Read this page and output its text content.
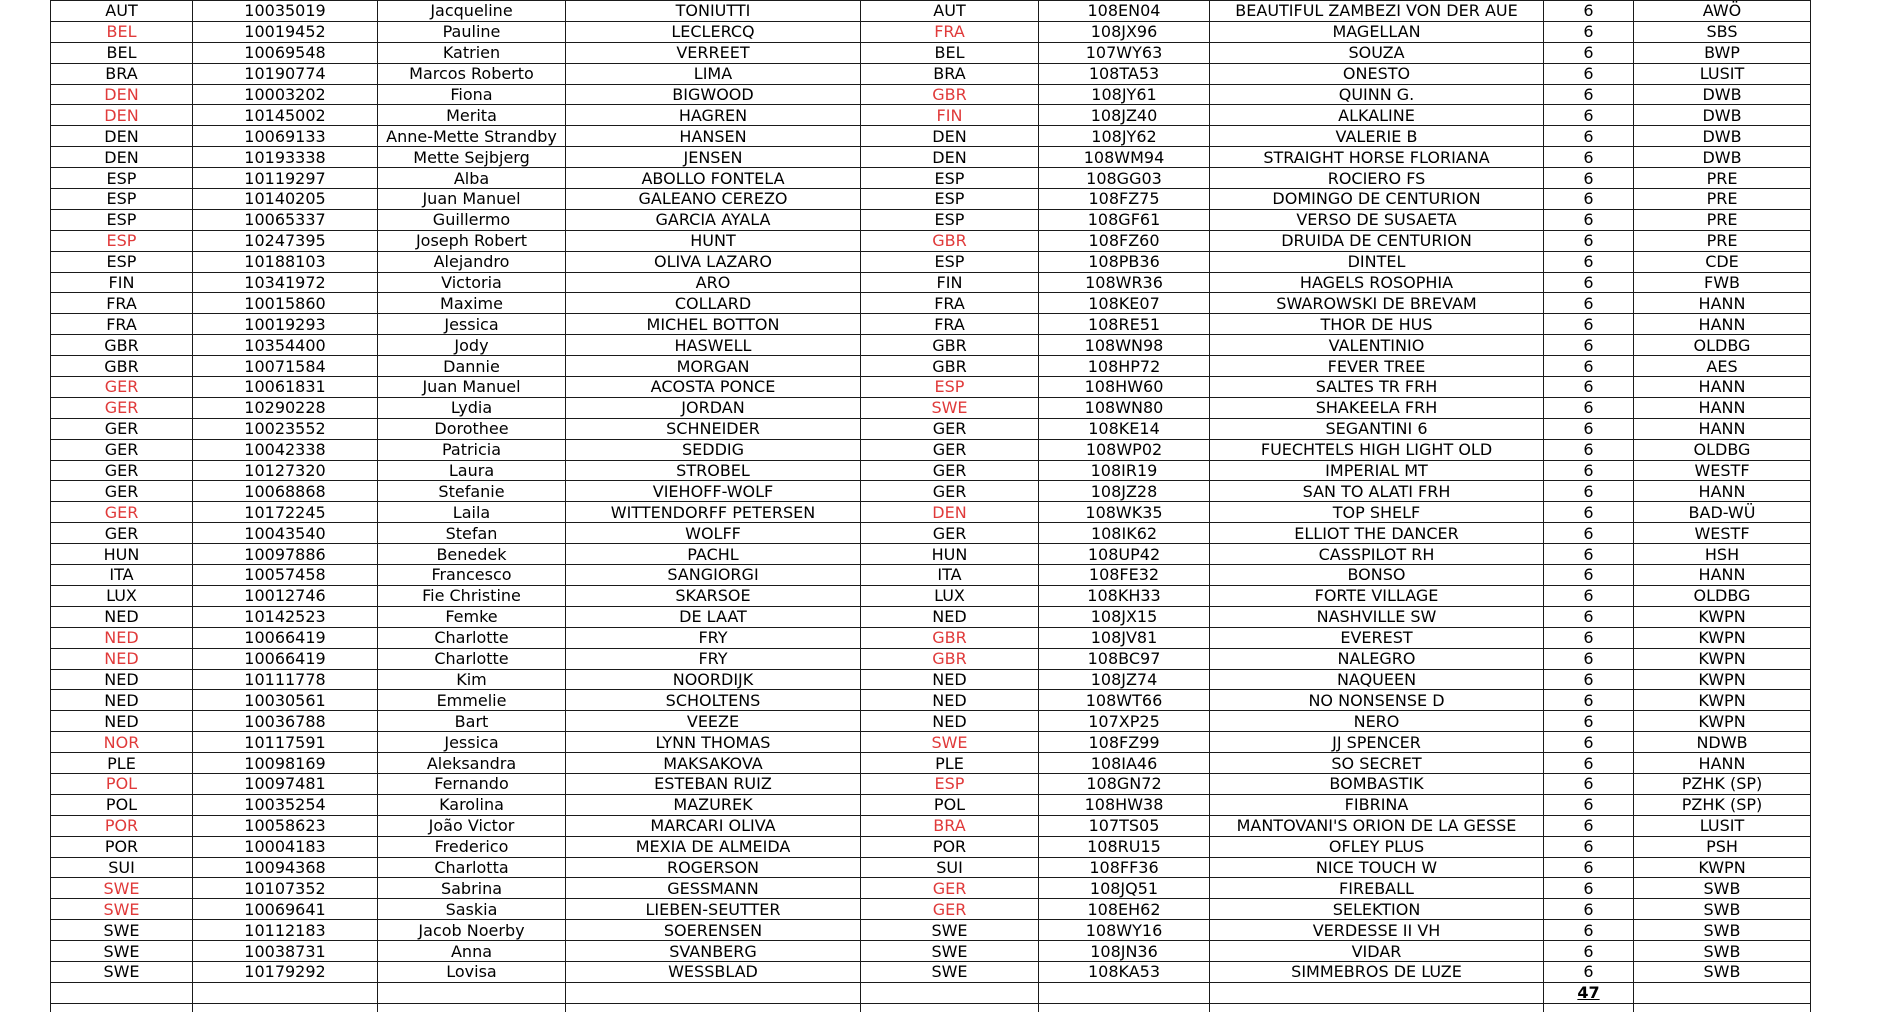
AUT	10035019	Jacqueline	TONIUTTI	AUT	108EN04	BEAUTIFUL ZAMBEZI VON DER AUE	6	AWÖ
BEL	10019452	Pauline	LECLERCQ	FRA	108JX96	MAGELLAN	6	SBS
BEL	10069548	Katrien	VERREET	BEL	107WY63	SOUZA	6	BWP
BRA	10190774	Marcos Roberto	LIMA	BRA	108TA53	ONESTO	6	LUSIT
DEN	10003202	Fiona	BIGWOOD	GBR	108JY61	QUINN G.	6	DWB
DEN	10145002	Merita	HAGREN	FIN	108JZ40	ALKALINE	6	DWB
DEN	10069133	Anne-Mette Strandby	HANSEN	DEN	108JY62	VALERIE B	6	DWB
DEN	10193338	Mette Sejbjerg	JENSEN	DEN	108WM94	STRAIGHT HORSE FLORIANA	6	DWB
ESP	10119297	Alba	ABOLLO FONTELA	ESP	108GG03	ROCIERO FS	6	PRE
ESP	10140205	Juan Manuel	GALEANO CEREZO	ESP	108FZ75	DOMINGO DE CENTURION	6	PRE
ESP	10065337	Guillermo	GARCIA AYALA	ESP	108GF61	VERSO DE SUSAETA	6	PRE
ESP	10247395	Joseph Robert	HUNT	GBR	108FZ60	DRUIDA DE CENTURION	6	PRE
ESP	10188103	Alejandro	OLIVA LAZARO	ESP	108PB36	DINTEL	6	CDE
FIN	10341972	Victoria	ARO	FIN	108WR36	HAGELS ROSOPHIA	6	FWB
FRA	10015860	Maxime	COLLARD	FRA	108KE07	SWAROWSKI DE BREVAM	6	HANN
FRA	10019293	Jessica	MICHEL BOTTON	FRA	108RE51	THOR DE HUS	6	HANN
GBR	10354400	Jody	HASWELL	GBR	108WN98	VALENTINIO	6	OLDBG
GBR	10071584	Dannie	MORGAN	GBR	108HP72	FEVER TREE	6	AES
GER	10061831	Juan Manuel	ACOSTA PONCE	ESP	108HW60	SALTES TR FRH	6	HANN
GER	10290228	Lydia	JORDAN	SWE	108WN80	SHAKEELA FRH	6	HANN
GER	10023552	Dorothee	SCHNEIDER	GER	108KE14	SEGANTINI 6	6	HANN
GER	10042338	Patricia	SEDDIG	GER	108WP02	FUECHTELS HIGH LIGHT OLD	6	OLDBG
GER	10127320	Laura	STROBEL	GER	108IR19	IMPERIAL MT	6	WESTF
GER	10068868	Stefanie	VIEHOFF-WOLF	GER	108JZ28	SAN TO ALATI FRH	6	HANN
GER	10172245	Laila	WITTENDORFF PETERSEN	DEN	108WK35	TOP SHELF	6	BAD-WÜ
GER	10043540	Stefan	WOLFF	GER	108IK62	ELLIOT THE DANCER	6	WESTF
HUN	10097886	Benedek	PACHL	HUN	108UP42	CASSPILOT RH	6	HSH
ITA	10057458	Francesco	SANGIORGI	ITA	108FE32	BONSO	6	HANN
LUX	10012746	Fie Christine	SKARSOE	LUX	108KH33	FORTE VILLAGE	6	OLDBG
NED	10142523	Femke	DE LAAT	NED	108JX15	NASHVILLE SW	6	KWPN
NED	10066419	Charlotte	FRY	GBR	108JV81	EVEREST	6	KWPN
NED	10066419	Charlotte	FRY	GBR	108BC97	NALEGRO	6	KWPN
NED	10111778	Kim	NOORDIJK	NED	108JZ74	NAQUEEN	6	KWPN
NED	10030561	Emmelie	SCHOLTENS	NED	108WT66	NO NONSENSE D	6	KWPN
NED	10036788	Bart	VEEZE	NED	107XP25	NERO	6	KWPN
NOR	10117591	Jessica	LYNN THOMAS	SWE	108FZ99	JJ SPENCER	6	NDWB
PLE	10098169	Aleksandra	MAKSAKOVA	PLE	108IA46	SO SECRET	6	HANN
POL	10097481	Fernando	ESTEBAN RUIZ	ESP	108GN72	BOMBASTIK	6	PZHK (SP)
POL	10035254	Karolina	MAZUREK	POL	108HW38	FIBRINA	6	PZHK (SP)
POR	10058623	João Victor	MARCARI OLIVA	BRA	107TS05	MANTOVANI'S ORION DE LA GESSE	6	LUSIT
POR	10004183	Frederico	MEXIA DE ALMEIDA	POR	108RU15	OFLEY PLUS	6	PSH
SUI	10094368	Charlotta	ROGERSON	SUI	108FF36	NICE TOUCH W	6	KWPN
SWE	10107352	Sabrina	GESSMANN	GER	108JQ51	FIREBALL	6	SWB
SWE	10069641	Saskia	LIEBEN-SEUTTER	GER	108EH62	SELEKTION	6	SWB
SWE	10112183	Jacob Noerby	SOERENSEN	SWE	108WY16	VERDESSE II VH	6	SWB
SWE	10038731	Anna	SVANBERG	SWE	108JN36	VIDAR	6	SWB
SWE	10179292	Lovisa	WESSBLAD	SWE	108KA53	SIMMEBROS DE LUZE	6	SWB
							47	
